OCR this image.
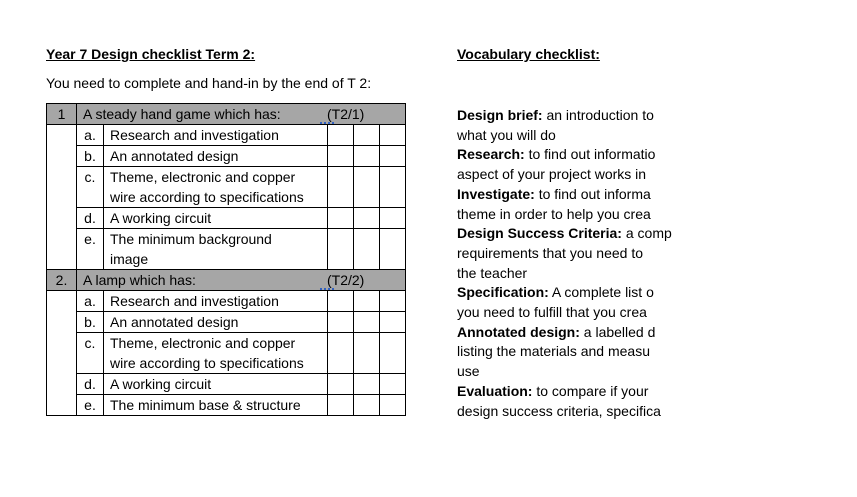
Year 7 Design checklist Term 2:
You need to complete and hand-in by the end of T 2:
1	A steady hand game which has: (T2/1)				

	a.	Research and investigation			

	b.	An annotated design			

	c.	Theme, electronic and copper
wire according to specifications			

	d.	A working circuit			

	e.	The minimum background
image			

2.	A lamp which has: (T2/2)				

	a.	Research and investigation			

	b.	An annotated design			

	c.	Theme, electronic and copper
wire according to specifications			

	d.	A working circuit			

	e.	The minimum base & structure			

Vocabulary checklist:
Design brief: an introduction to
what you will do
Research: to find out informatio
aspect of your project works in
Investigate: to find out informa
theme in order to help you crea
Design Success Criteria: a comp
requirements that you need to
the teacher
Specification: A complete list o
you need to fulfill that you crea
Annotated design: a labelled d
listing the materials and measu
use
Evaluation: to compare if your
design success criteria, specifica
